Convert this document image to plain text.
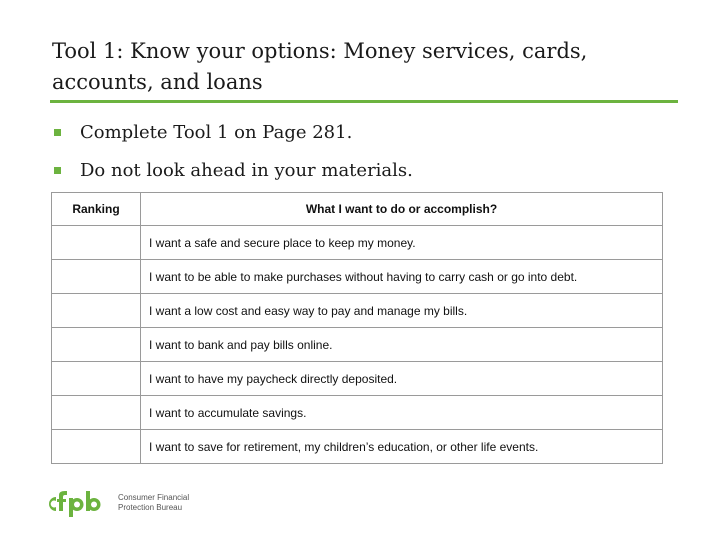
Tool 1: Know your options: Money services, cards, accounts, and loans
Complete Tool 1 on Page 281.
Do not look ahead in your materials.
Ranking	What I want to do or accomplish?
	I want a safe and secure place to keep my money.
	I want to be able to make purchases without having to carry cash or go into debt.
	I want a low cost and easy way to pay and manage my bills.
	I want to bank and pay bills online.
	I want to have my paycheck directly deposited.
	I want to accumulate savings.
	I want to save for retirement, my children’s education, or other life events.
Consumer Financial
Protection Bureau
